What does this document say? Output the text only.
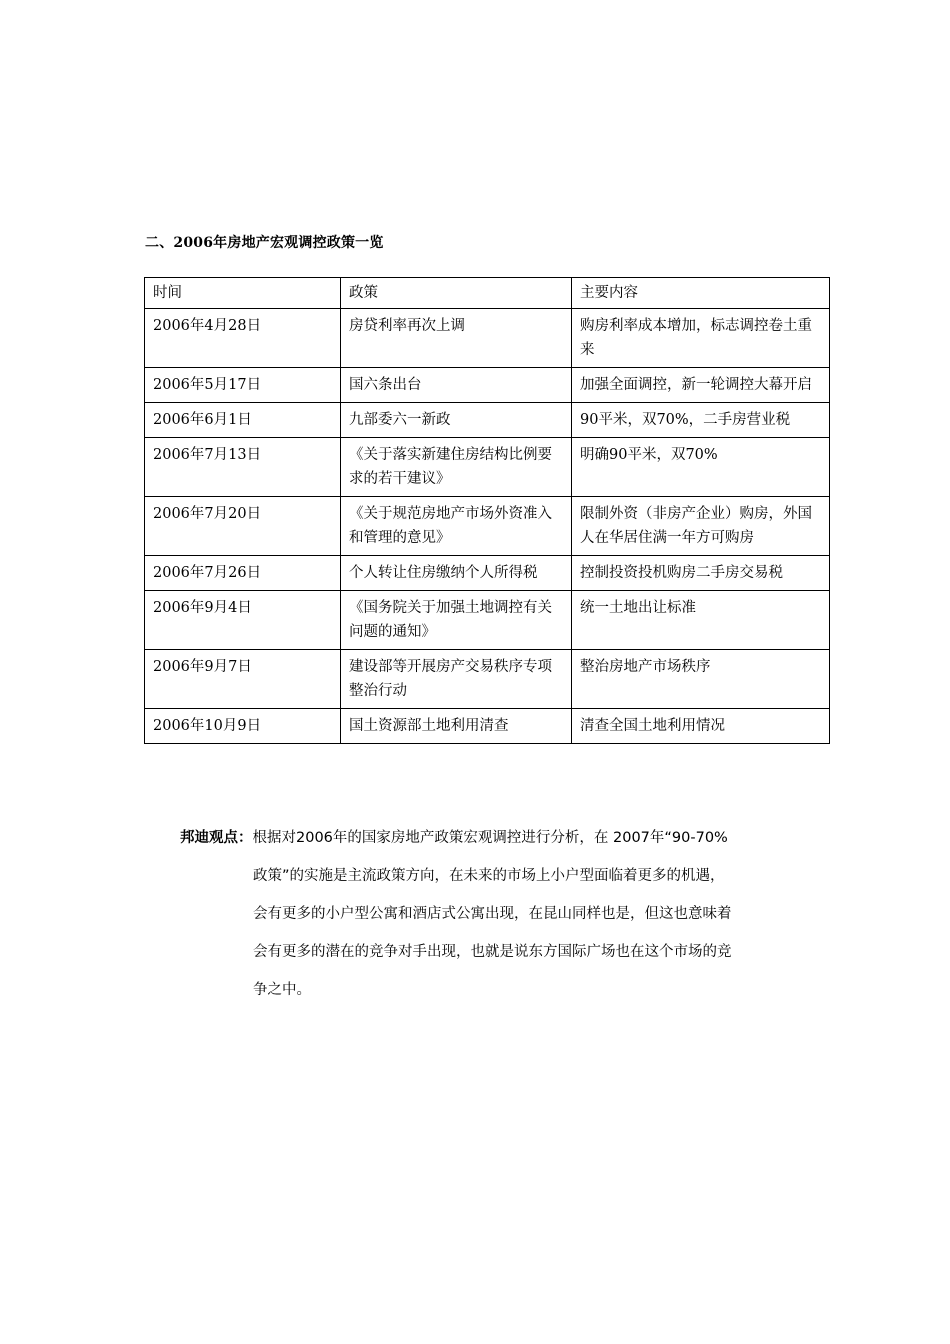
二、2006年房地产宏观调控政策一览
时间	政策	主要内容
2006年4月28日	房贷利率再次上调	购房利率成本增加，标志调控卷土重来
2006年5月17日	国六条出台	加强全面调控，新一轮调控大幕开启
2006年6月1日	九部委六一新政	90平米，双70%，二手房营业税
2006年7月13日	《关于落实新建住房结构比例要求的若干建议》	明确90平米，双70%
2006年7月20日	《关于规范房地产市场外资准入和管理的意见》	限制外资（非房产企业）购房，外国人在华居住满一年方可购房
2006年7月26日	个人转让住房缴纳个人所得税	控制投资投机购房二手房交易税
2006年9月4日	《国务院关于加强土地调控有关问题的通知》	统一土地出让标准
2006年9月7日	建设部等开展房产交易秩序专项整治行动	整治房地产市场秩序
2006年10月9日	国土资源部土地利用清查	清查全国土地利用情况
邦迪观点：根据对2006年的国家房地产政策宏观调控进行分析，在 2007年“90-70%
政策”的实施是主流政策方向，在未来的市场上小户型面临着更多的机遇，
会有更多的小户型公寓和酒店式公寓出现，在昆山同样也是，但这也意味着
会有更多的潜在的竞争对手出现，也就是说东方国际广场也在这个市场的竞
争之中。
